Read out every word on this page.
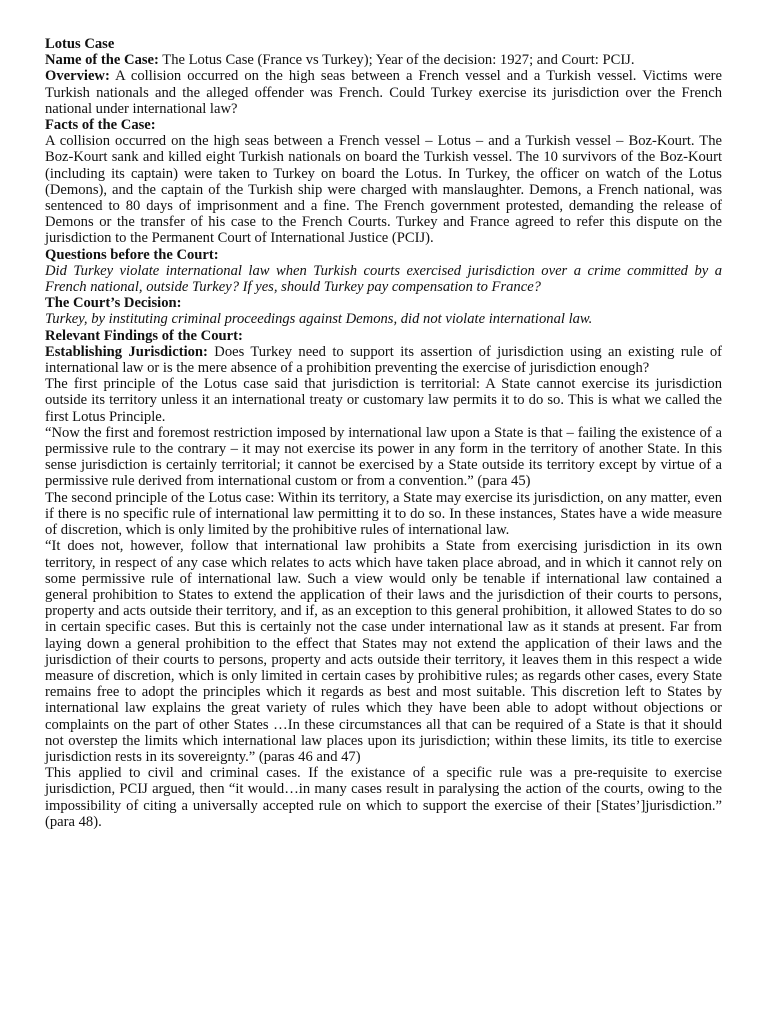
Lotus Case

Name of the Case: The Lotus Case (France vs Turkey); Year of the decision: 1927; and Court: PCIJ.

Overview: A collision occurred on the high seas between a French vessel and a Turkish vessel. Victims were Turkish nationals and the alleged offender was French. Could Turkey exercise its jurisdiction over the French national under international law?

Facts of the Case:

A collision occurred on the high seas between a French vessel – Lotus – and a Turkish vessel – Boz-Kourt. The Boz-Kourt sank and killed eight Turkish nationals on board the Turkish vessel. The 10 survivors of the Boz-Kourt (including its captain) were taken to Turkey on board the Lotus. In Turkey, the officer on watch of the Lotus (Demons), and the captain of the Turkish ship were charged with manslaughter. Demons, a French national, was sentenced to 80 days of imprisonment and a fine. The French government protested, demanding the release of Demons or the transfer of his case to the French Courts. Turkey and France agreed to refer this dispute on the jurisdiction to the Permanent Court of International Justice (PCIJ).

Questions before the Court:

Did Turkey violate international law when Turkish courts exercised jurisdiction over a crime committed by a French national, outside Turkey? If yes, should Turkey pay compensation to France?

The Court’s Decision:

Turkey, by instituting criminal proceedings against Demons, did not violate international law.

Relevant Findings of the Court:

Establishing Jurisdiction: Does Turkey need to support its assertion of jurisdiction using an existing rule of international law or is the mere absence of a prohibition preventing the exercise of jurisdiction enough?

The first principle of the Lotus case said that jurisdiction is territorial: A State cannot exercise its jurisdiction outside its territory unless it an international treaty or customary law permits it to do so. This is what we called the first Lotus Principle.

“Now the first and foremost restriction imposed by international law upon a State is that – failing the existence of a permissive rule to the contrary – it may not exercise its power in any form in the territory of another State. In this sense jurisdiction is certainly territorial; it cannot be exercised by a State outside its territory except by virtue of a permissive rule derived from international custom or from a convention.” (para 45)

The second principle of the Lotus case: Within its territory, a State may exercise its jurisdiction, on any matter, even if there is no specific rule of international law permitting it to do so. In these instances, States have a wide measure of discretion, which is only limited by the prohibitive rules of international law.

“It does not, however, follow that international law prohibits a State from exercising jurisdiction in its own territory, in respect of any case which relates to acts which have taken place abroad, and in which it cannot rely on some permissive rule of international law. Such a view would only be tenable if international law contained a general prohibition to States to extend the application of their laws and the jurisdiction of their courts to persons, property and acts outside their territory, and if, as an exception to this general prohibition, it allowed States to do so in certain specific cases. But this is certainly not the case under international law as it stands at present. Far from laying down a general prohibition to the effect that States may not extend the application of their laws and the jurisdiction of their courts to persons, property and acts outside their territory, it leaves them in this respect a wide measure of discretion, which is only limited in certain cases by prohibitive rules; as regards other cases, every State remains free to adopt the principles which it regards as best and most suitable. This discretion left to States by international law explains the great variety of rules which they have been able to adopt without objections or complaints on the part of other States …In these circumstances all that can be required of a State is that it should not overstep the limits which international law places upon its jurisdiction; within these limits, its title to exercise jurisdiction rests in its sovereignty.” (paras 46 and 47)

This applied to civil and criminal cases. If the existance of a specific rule was a pre-requisite to exercise jurisdiction, PCIJ argued, then “it would…in many cases result in paralysing the action of the courts, owing to the impossibility of citing a universally accepted rule on which to support the exercise of their [States’]jurisdiction.” (para 48).
